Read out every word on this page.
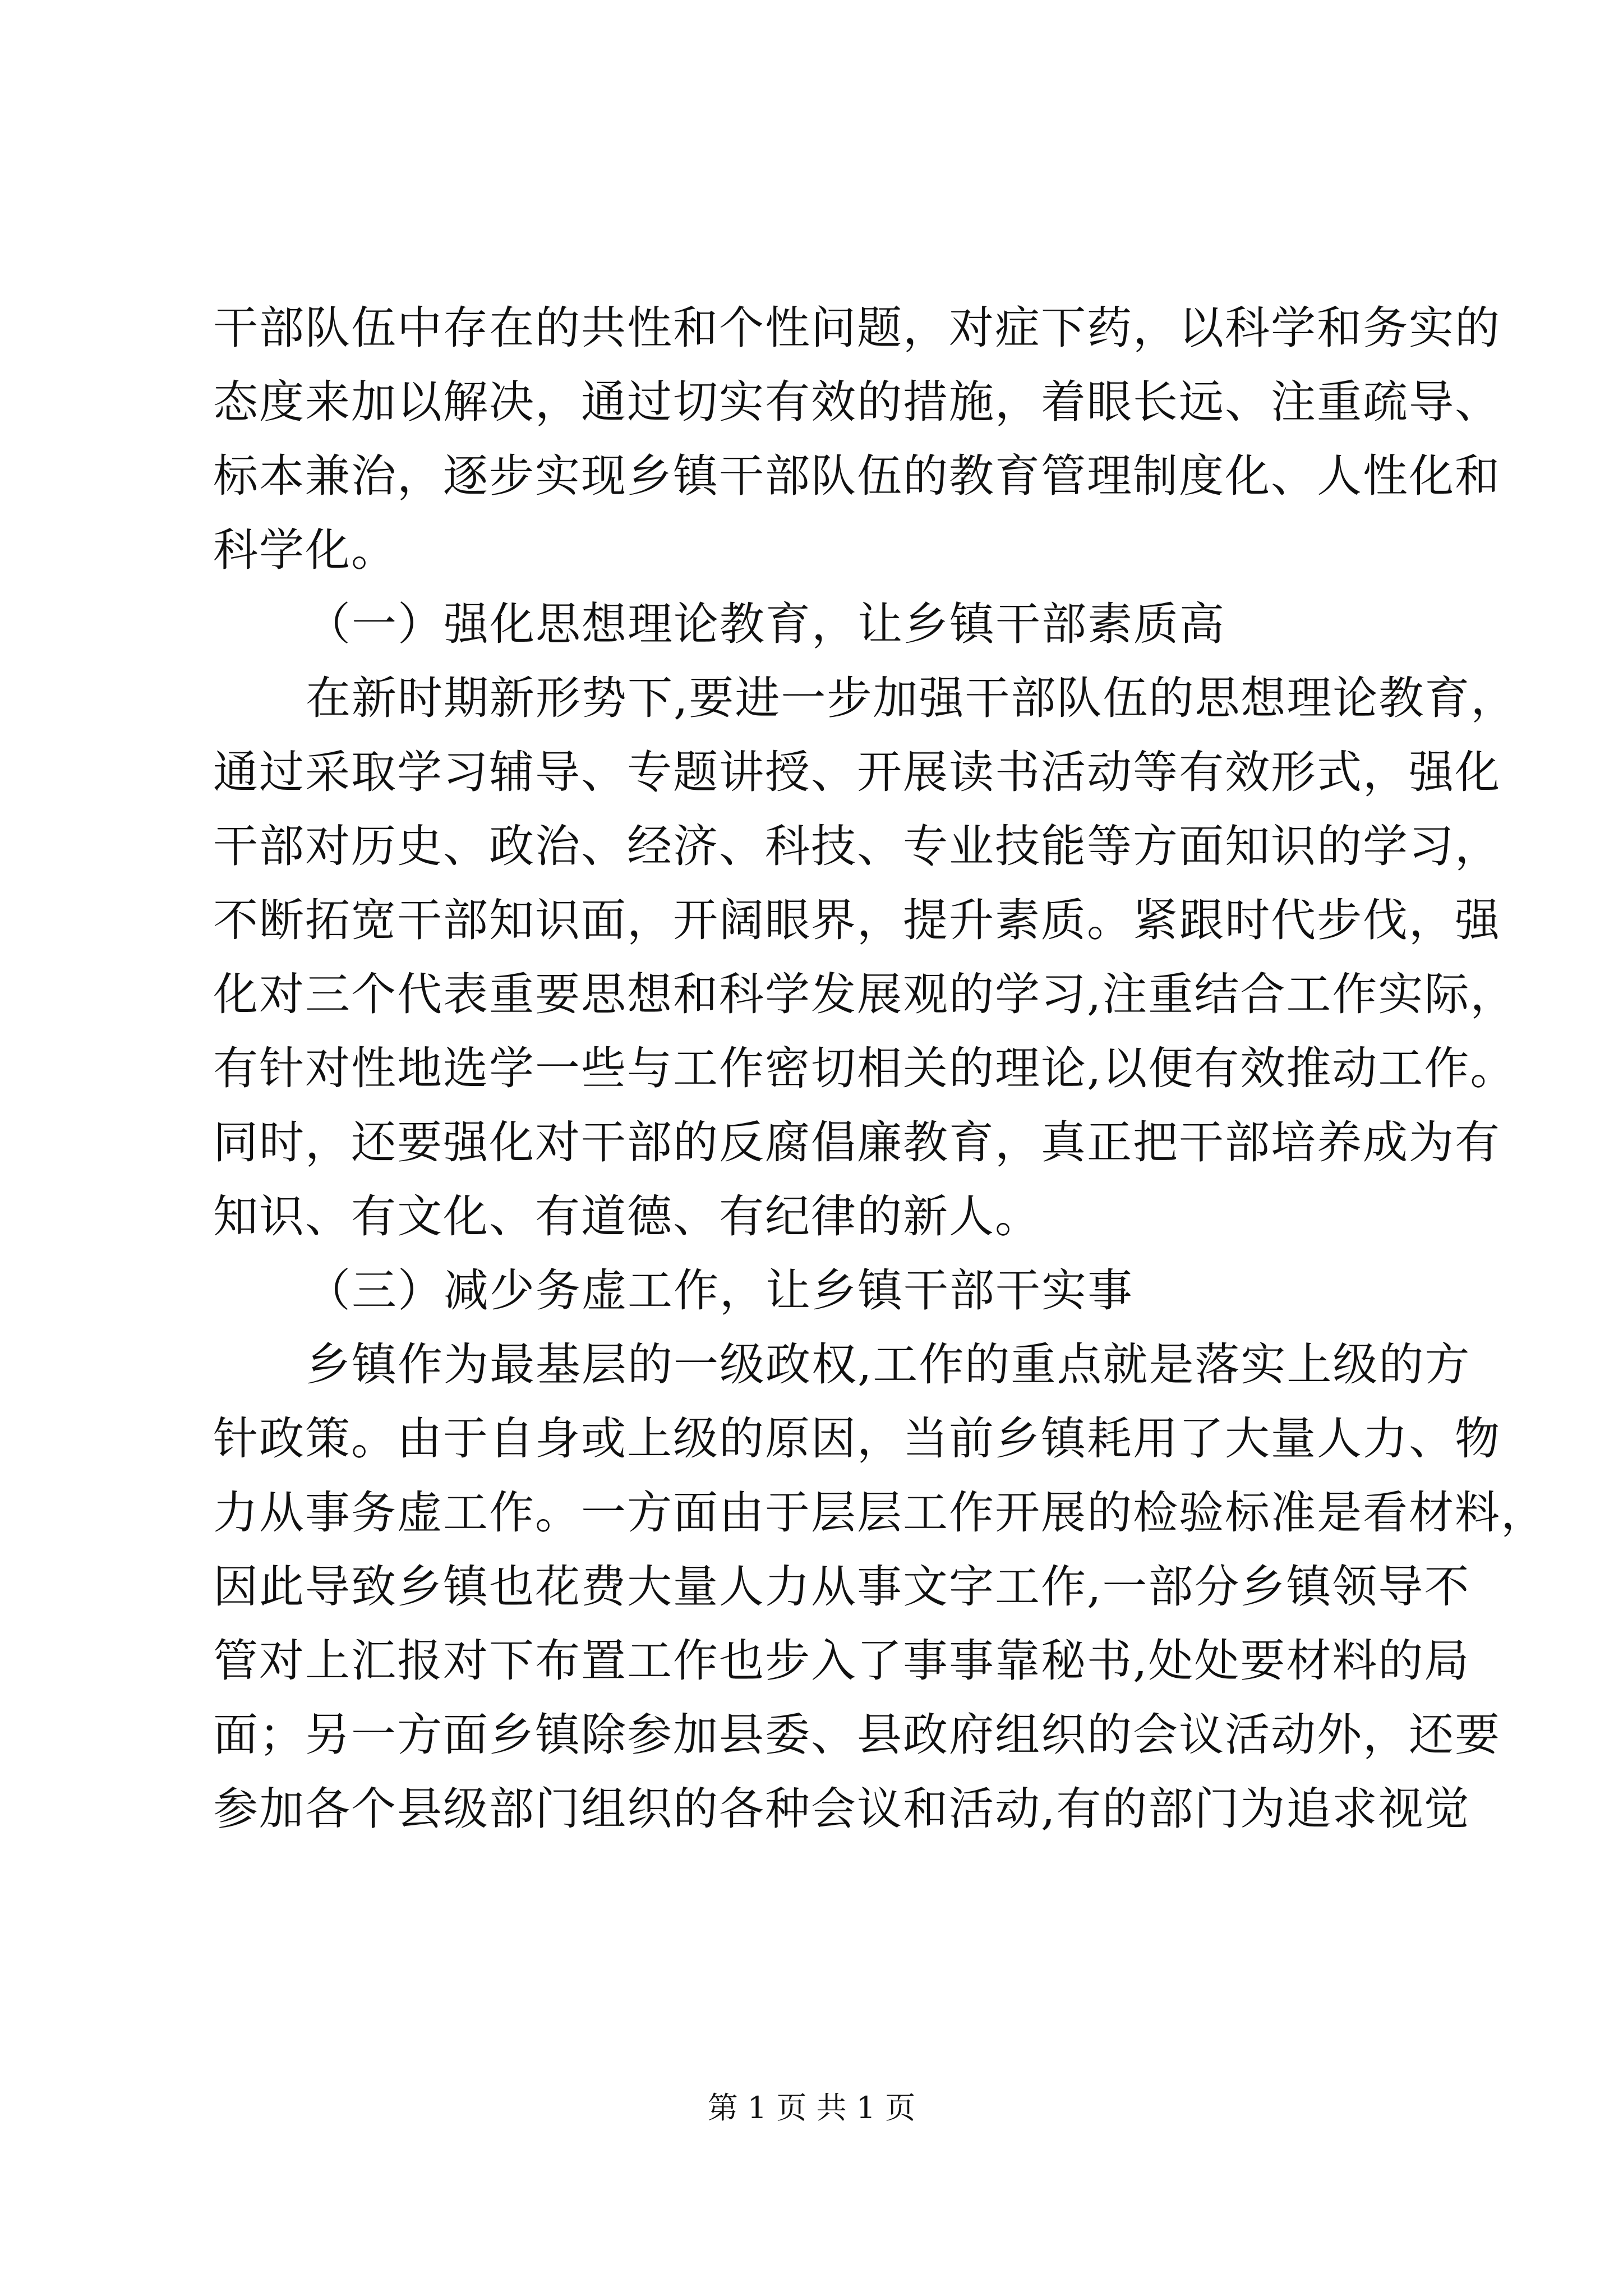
干部队伍中存在的共性和个性问题，对症下药，以科学和务实的
态度来加以解决，通过切实有效的措施，着眼长远、注重疏导、
标本兼治，逐步实现乡镇干部队伍的教育管理制度化、人性化和
科学化。
（一）强化思想理论教育，让乡镇干部素质高
在新时期新形势下,要进一步加强干部队伍的思想理论教育，
通过采取学习辅导、专题讲授、开展读书活动等有效形式，强化
干部对历史、政治、经济、科技、专业技能等方面知识的学习，
不断拓宽干部知识面，开阔眼界，提升素质。紧跟时代步伐，强
化对三个代表重要思想和科学发展观的学习,注重结合工作实际，
有针对性地选学一些与工作密切相关的理论,以便有效推动工作。
同时，还要强化对干部的反腐倡廉教育，真正把干部培养成为有
知识、有文化、有道德、有纪律的新人。
（三）减少务虚工作，让乡镇干部干实事
乡镇作为最基层的一级政权,工作的重点就是落实上级的方
针政策。由于自身或上级的原因，当前乡镇耗用了大量人力、物
力从事务虚工作。一方面由于层层工作开展的检验标准是看材料，
因此导致乡镇也花费大量人力从事文字工作,一部分乡镇领导不
管对上汇报对下布置工作也步入了事事靠秘书,处处要材料的局
面；另一方面乡镇除参加县委、县政府组织的会议活动外，还要
参加各个县级部门组织的各种会议和活动,有的部门为追求视觉
第 1 页 共 1 页
